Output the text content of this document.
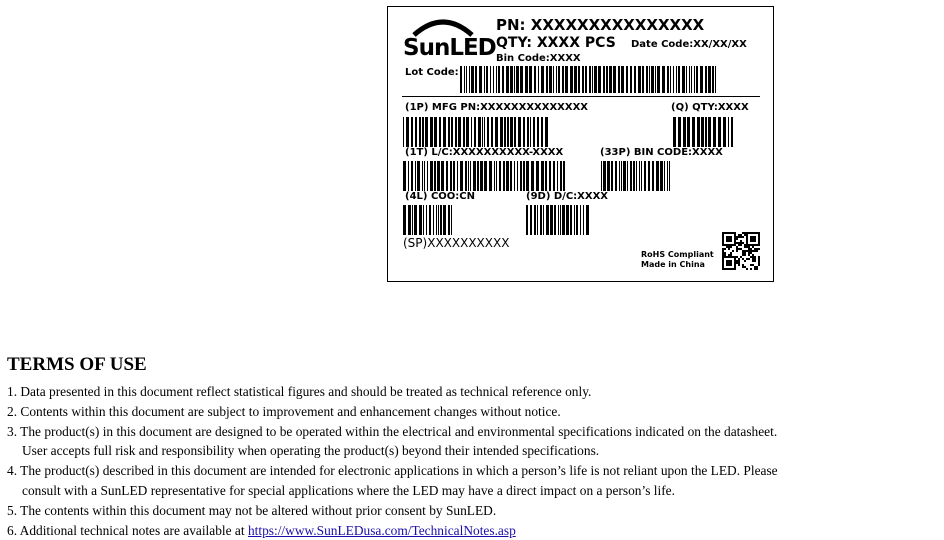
SunLED
PN: XXXXXXXXXXXXXXX
QTY: XXXX PCS Date Code:XX/XX/XX
Bin Code:XXXX
Lot Code:
(1P) MFG PN:XXXXXXXXXXXXXX	(Q) QTY:XXXX
(1T) L/C:XXXXXXXXXX-XXXX	(33P) BIN CODE:XXXX
(4L) COO:CN	(9D) D/C:XXXX
(SP)XXXXXXXXXX
RoHS Compliant
Made in China
TERMS OF USE
1. Data presented in this document reflect statistical figures and should be treated as technical reference only.
2. Contents within this document are subject to improvement and enhancement changes without notice.
3. The product(s) in this document are designed to be operated within the electrical and environmental specifications indicated on the datasheet.
User accepts full risk and responsibility when operating the product(s) beyond their intended specifications.
4. The product(s) described in this document are intended for electronic applications in which a person’s life is not reliant upon the LED. Please
consult with a SunLED representative for special applications where the LED may have a direct impact on a person’s life.
5. The contents within this document may not be altered without prior consent by SunLED.
6. Additional technical notes are available at https://www.SunLEDusa.com/TechnicalNotes.asp
